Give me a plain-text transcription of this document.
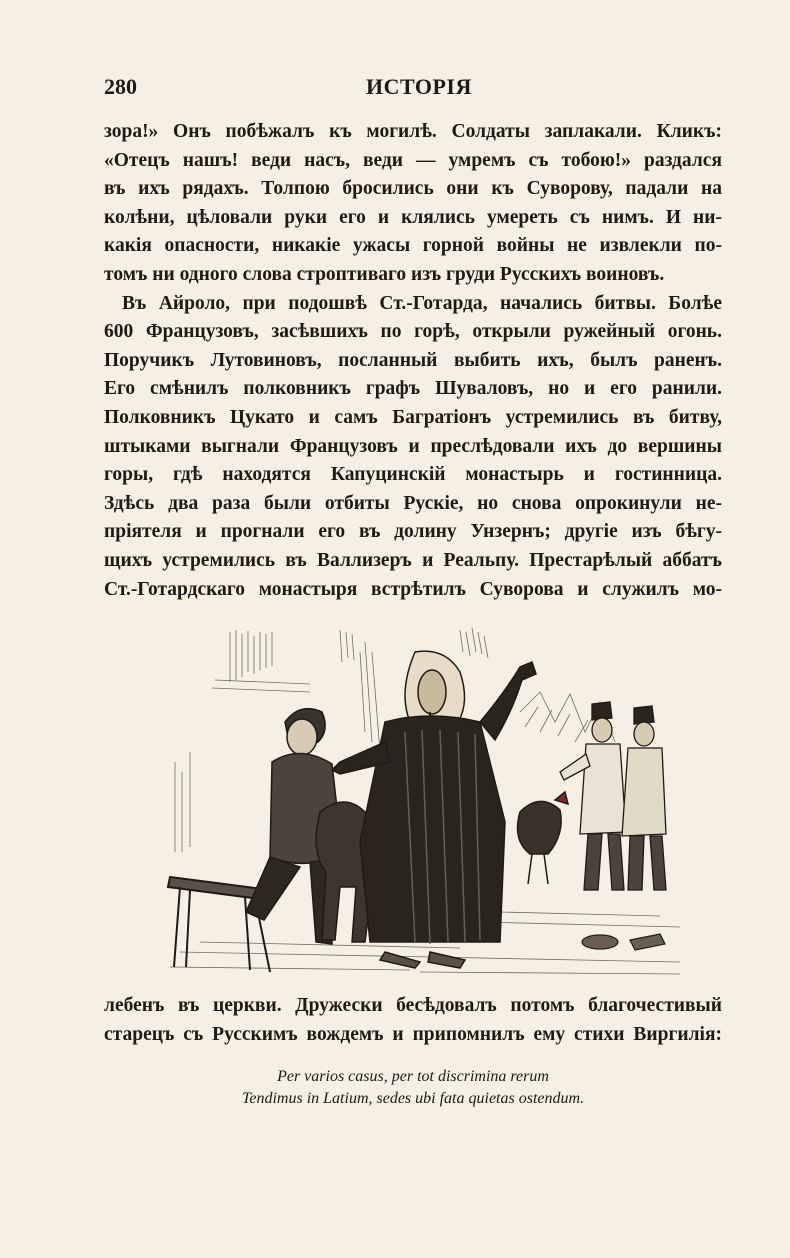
280	ИСТОРІЯ
зора!» Онъ побѣжалъ къ могилѣ. Солдаты заплакали. Кликъ:
«Отецъ нашъ! веди насъ, веди — умремъ съ тобою!» раздался
въ ихъ рядахъ. Толпою бросились они къ Суворову, падали на
колѣни, цѣловали руки его и клялись умереть съ нимъ. И ни-
какія опасности, никакіе ужасы горной войны не извлекли по-
томъ ни одного слова строптиваго изъ груди Русскихъ воиновъ.
Въ Айроло, при подошвѣ Ст.-Готарда, начались битвы. Болѣе
600 Французовъ, засѣвшихъ по горѣ, открыли ружейный огонь.
Поручикъ Лутовиновъ, посланный выбить ихъ, былъ раненъ.
Его смѣнилъ полковникъ графъ Шуваловъ, но и его ранили.
Полковникъ Цукато и самъ Багратіонъ устремились въ битву,
штыками выгнали Французовъ и преслѣдовали ихъ до вершины
горы, гдѣ находятся Капуцинскій монастырь и гостинница.
Здѣсь два раза были отбиты Рускіе, но снова опрокинули не-
пріятеля и прогнали его въ долину Унзернъ; другіе изъ бѣгу-
щихъ устремились въ Валлизеръ и Реальпу. Престарѣлый аббатъ
Ст.-Готардскаго монастыря встрѣтилъ Суворова и служилъ мо-
лебенъ въ церкви. Дружески бесѣдовалъ потомъ благочестивый
старецъ съ Русскимъ вождемъ и припомнилъ ему стихи Виргилія:
Per varios casus, per tot discrimina rerum
Tendimus in Latium, sedes ubi fata quietas ostendum.
